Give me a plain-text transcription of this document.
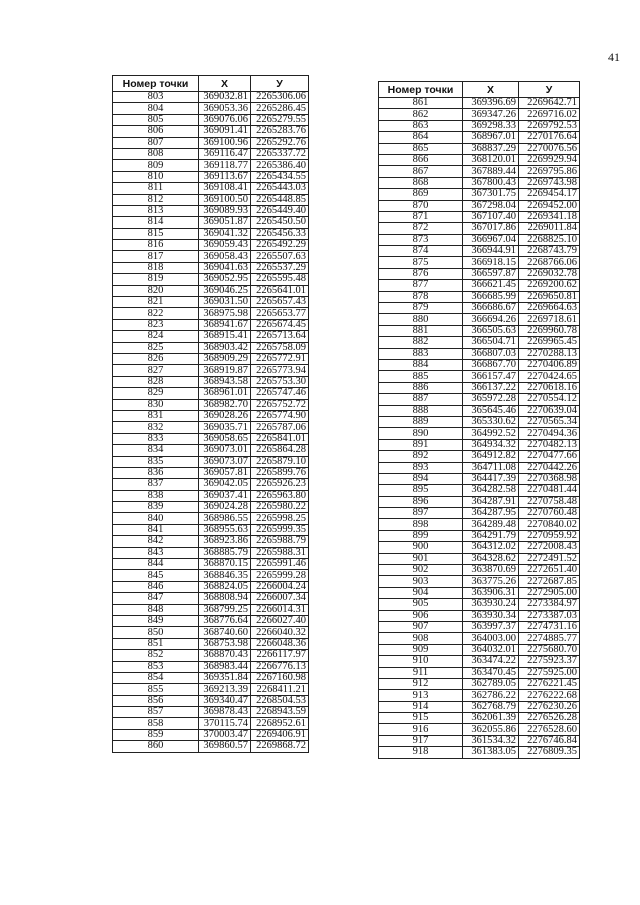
41
Номер точки	Х	У
803	369032.81	2265306.06
804	369053.36	2265286.45
805	369076.06	2265279.55
806	369091.41	2265283.76
807	369100.96	2265292.76
808	369116.47	2265337.72
809	369118.77	2265386.40
810	369113.67	2265434.55
811	369108.41	2265443.03
812	369100.50	2265448.85
813	369089.93	2265449.40
814	369051.87	2265450.50
815	369041.32	2265456.33
816	369059.43	2265492.29
817	369058.43	2265507.63
818	369041.63	2265537.29
819	369052.95	2265595.48
820	369046.25	2265641.01
821	369031.50	2265657.43
822	368975.98	2265653.77
823	368941.67	2265674.45
824	368915.41	2265713.64
825	368903.42	2265758.09
826	368909.29	2265772.91
827	368919.87	2265773.94
828	368943.58	2265753.30
829	368961.01	2265747.46
830	368982.70	2265752.72
831	369028.26	2265774.90
832	369035.71	2265787.06
833	369058.65	2265841.01
834	369073.01	2265864.28
835	369073.07	2265879.10
836	369057.81	2265899.76
837	369042.05	2265926.23
838	369037.41	2265963.80
839	369024.28	2265980.22
840	368986.55	2265998.25
841	368955.63	2265999.35
842	368923.86	2265988.79
843	368885.79	2265988.31
844	368870.15	2265991.46
845	368846.35	2265999.28
846	368824.05	2266004.24
847	368808.94	2266007.34
848	368799.25	2266014.31
849	368776.64	2266027.40
850	368740.60	2266040.32
851	368753.98	2266048.36
852	368870.43	2266117.97
853	368983.44	2266776.13
854	369351.84	2267160.98
855	369213.39	2268411.21
856	369340.47	2268504.53
857	369878.43	2268943.59
858	370115.74	2268952.61
859	370003.47	2269406.91
860	369860.57	2269868.72
Номер точки	Х	У
861	369396.69	2269642.71
862	369347.26	2269716.02
863	369298.33	2269792.53
864	368967.01	2270176.64
865	368837.29	2270076.56
866	368120.01	2269929.94
867	367889.44	2269795.86
868	367800.43	2269743.98
869	367301.75	2269454.17
870	367298.04	2269452.00
871	367107.40	2269341.18
872	367017.86	2269011.84
873	366967.04	2268825.10
874	366944.91	2268743.79
875	366918.15	2268766.06
876	366597.87	2269032.78
877	366621.45	2269200.62
878	366685.99	2269650.81
879	366686.67	2269664.63
880	366694.26	2269718.61
881	366505.63	2269960.78
882	366504.71	2269965.45
883	366807.03	2270288.13
884	366867.70	2270406.89
885	366157.47	2270424.65
886	366137.22	2270618.16
887	365972.28	2270554.12
888	365645.46	2270639.04
889	365330.62	2270565.34
890	364992.52	2270494.36
891	364934.32	2270482.13
892	364912.82	2270477.66
893	364711.08	2270442.26
894	364417.39	2270368.98
895	364282.58	2270481.44
896	364287.91	2270758.48
897	364287.95	2270760.48
898	364289.48	2270840.02
899	364291.79	2270959.92
900	364312.02	2272008.43
901	364328.62	2272491.52
902	363870.69	2272651.40
903	363775.26	2272687.85
904	363906.31	2272905.00
905	363930.24	2273384.97
906	363930.34	2273387.03
907	363997.37	2274731.16
908	364003.00	2274885.77
909	364032.01	2275680.70
910	363474.22	2275923.37
911	363470.45	2275925.00
912	362789.05	2276221.45
913	362786.22	2276222.68
914	362768.79	2276230.26
915	362061.39	2276526.28
916	362055.86	2276528.60
917	361534.32	2276746.84
918	361383.05	2276809.35
